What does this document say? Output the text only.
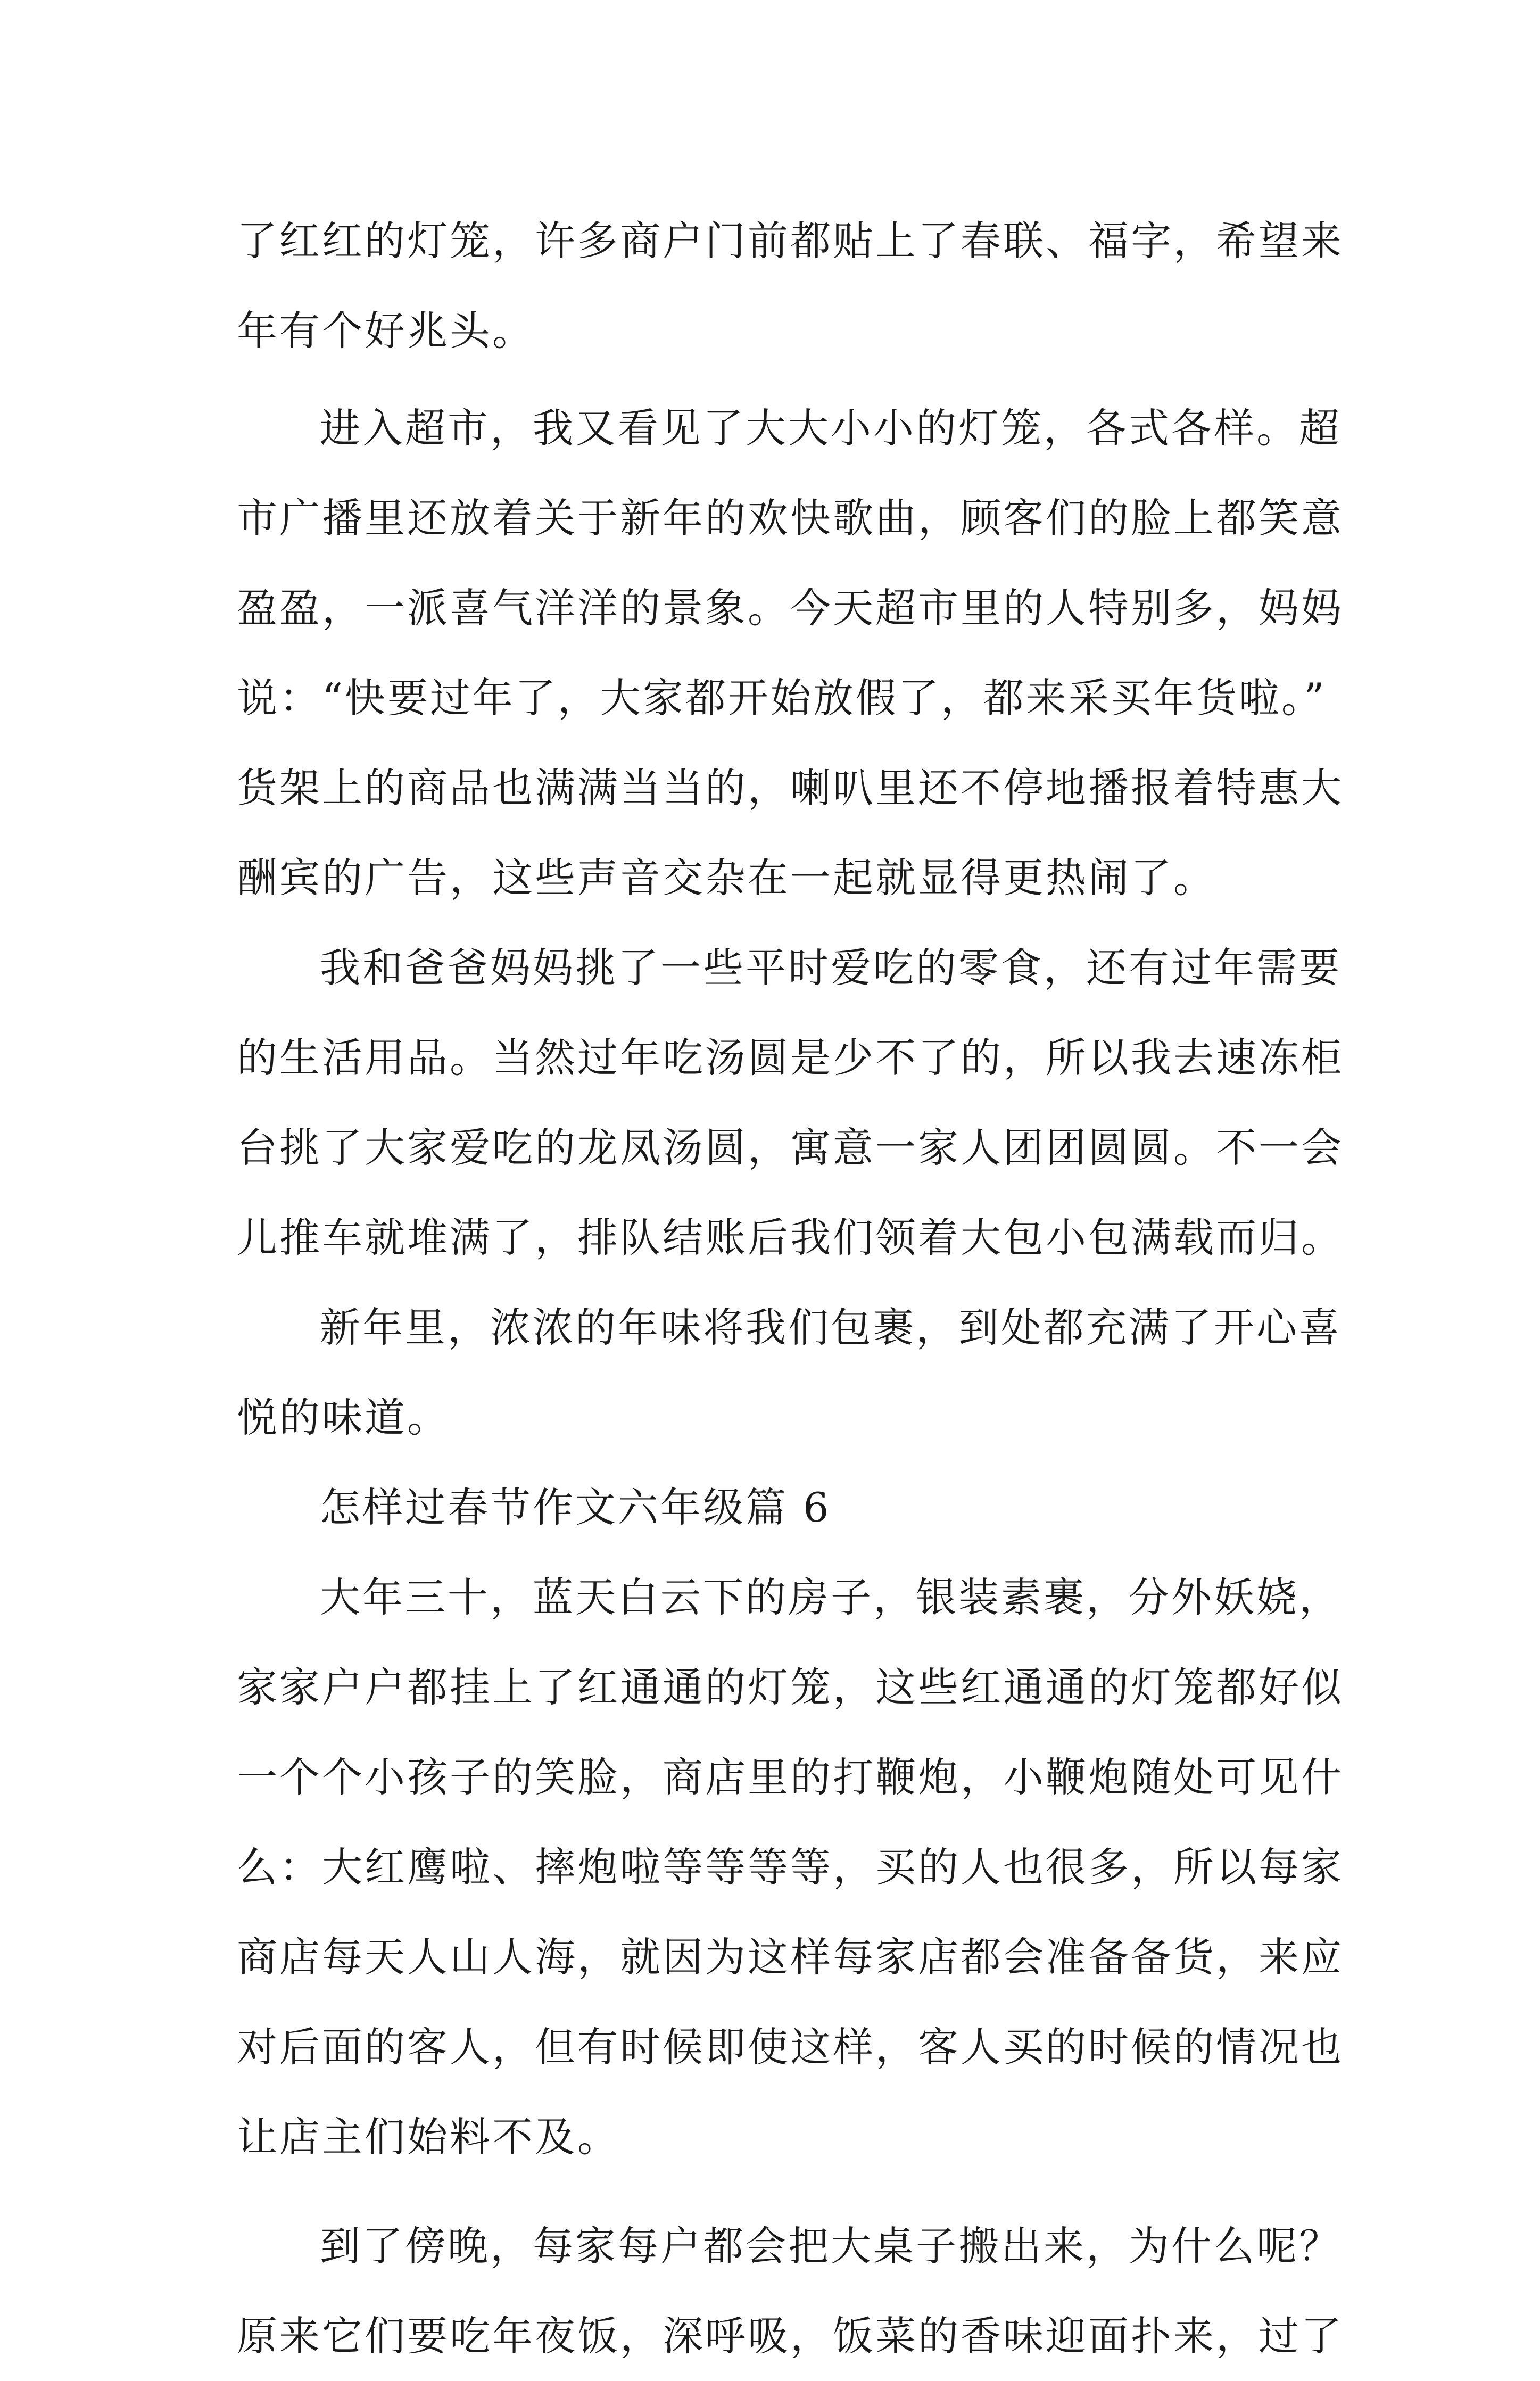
了红红的灯笼，许多商户门前都贴上了春联、福字，希望来
年有个好兆头。
进入超市，我又看见了大大小小的灯笼，各式各样。超
市广播里还放着关于新年的欢快歌曲，顾客们的脸上都笑意
盈盈，一派喜气洋洋的景象。今天超市里的人特别多，妈妈
说：“快要过年了，大家都开始放假了，都来采买年货啦。”
货架上的商品也满满当当的，喇叭里还不停地播报着特惠大
酬宾的广告，这些声音交杂在一起就显得更热闹了。
我和爸爸妈妈挑了一些平时爱吃的零食，还有过年需要
的生活用品。当然过年吃汤圆是少不了的，所以我去速冻柜
台挑了大家爱吃的龙凤汤圆，寓意一家人团团圆圆。不一会
儿推车就堆满了，排队结账后我们领着大包小包满载而归。
新年里，浓浓的年味将我们包裹，到处都充满了开心喜
悦的味道。
怎样过春节作文六年级篇 6
大年三十，蓝天白云下的房子，银装素裹，分外妖娆，
家家户户都挂上了红通通的灯笼，这些红通通的灯笼都好似
一个个小孩子的笑脸，商店里的打鞭炮，小鞭炮随处可见什
么：大红鹰啦、摔炮啦等等等等，买的人也很多，所以每家
商店每天人山人海，就因为这样每家店都会准备备货，来应
对后面的客人，但有时候即使这样，客人买的时候的情况也
让店主们始料不及。
到了傍晚，每家每户都会把大桌子搬出来，为什么呢？
原来它们要吃年夜饭，深呼吸，饭菜的香味迎面扑来，过了
